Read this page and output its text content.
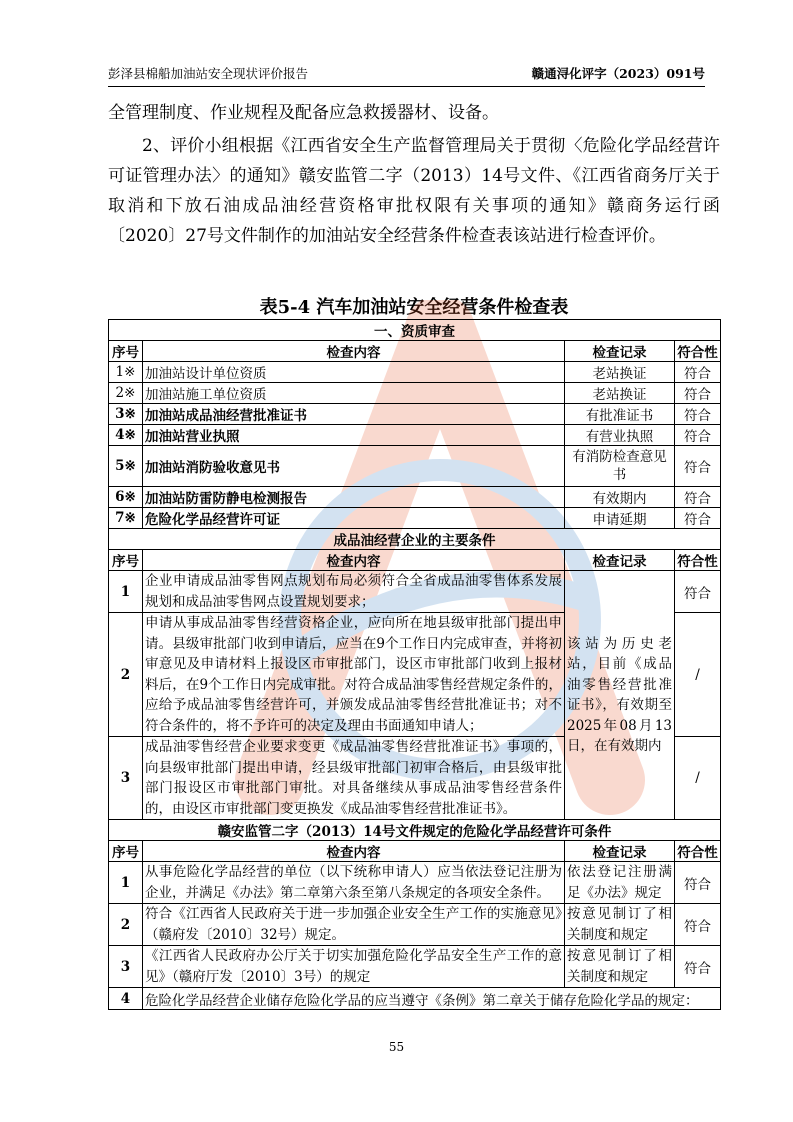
彭泽县棉船加油站安全现状评价报告	赣通浔化评字（2023）091号
全管理制度、作业规程及配备应急救援器材、设备。
2、评价小组根据《江西省安全生产监督管理局关于贯彻〈危险化学品经营许可证管理办法〉的通知》赣安监管二字（2013）14号文件、《江西省商务厅关于取消和下放石油成品油经营资格审批权限有关事项的通知》赣商务运行函〔2020〕27号文件制作的加油站安全经营条件检查表该站进行检查评价。
表5-4 汽车加油站安全经营条件检查表
一、资质审查			
序号	检查内容	检查记录	符合性
1※	加油站设计单位资质	老站换证	符合
2※	加油站施工单位资质	老站换证	符合
3※	加油站成品油经营批准证书	有批准证书	符合
4※	加油站营业执照	有营业执照	符合
5※	加油站消防验收意见书	有消防检查意见书	符合
6※	加油站防雷防静电检测报告	有效期内	符合
7※	危险化学品经营许可证	申请延期	符合
成品油经营企业的主要条件			
序号	检查内容	检查记录	符合性
1	企业申请成品油零售网点规划布局必须符合全省成品油零售体系发展规划和成品油零售网点设置规划要求；	该站为历史老站，目前《成品油零售经营批准证书》，有效期至2025年08月13日，在有效期内	符合
2	申请从事成品油零售经营资格企业，应向所在地县级审批部门提出申请。县级审批部门收到申请后，应当在9个工作日内完成审查，并将初审意见及申请材料上报设区市审批部门，设区市审批部门收到上报材料后，在9个工作日内完成审批。对符合成品油零售经营规定条件的，应给予成品油零售经营许可，并颁发成品油零售经营批准证书；对不符合条件的，将不予许可的决定及理由书面通知申请人；		/
3	成品油零售经营企业要求变更《成品油零售经营批准证书》事项的，向县级审批部门提出申请，经县级审批部门初审合格后，由县级审批部门报设区市审批部门审批。对具备继续从事成品油零售经营条件的，由设区市审批部门变更换发《成品油零售经营批准证书》。		/
赣安监管二字（2013）14号文件规定的危险化学品经营许可条件			
序号	检查内容	检查记录	符合性
1	从事危险化学品经营的单位（以下统称申请人）应当依法登记注册为企业，并满足《办法》第二章第六条至第八条规定的各项安全条件。	依法登记注册满足《办法》规定	符合
2	符合《江西省人民政府关于进一步加强企业安全生产工作的实施意见》（赣府发〔2010〕32号）规定。	按意见制订了相关制度和规定	符合
3	《江西省人民政府办公厅关于切实加强危险化学品安全生产工作的意见》（赣府厅发〔2010〕3号）的规定	按意见制订了相关制度和规定	符合
4	危险化学品经营企业储存危险化学品的应当遵守《条例》第二章关于储存危险化学品的规定：		
55
